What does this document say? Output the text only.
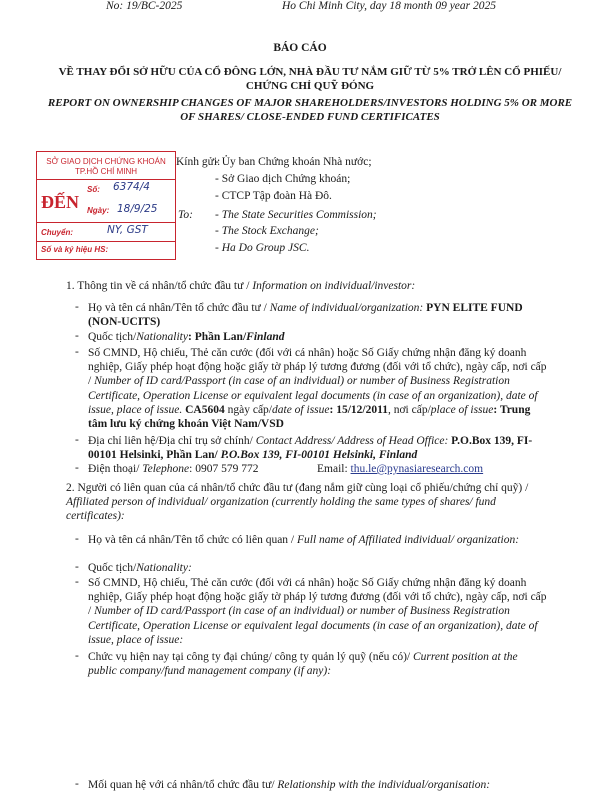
No: 19/BC-2025	Ho Chi Minh City, day 18 month 09 year 2025
BÁO CÁO
VỀ THAY ĐỔI SỞ HỮU CỦA CỔ ĐÔNG LỚN, NHÀ ĐẦU TƯ NẮM GIỮ TỪ 5% TRỞ LÊN CỔ PHIẾU/ CHỨNG CHỈ QUỸ ĐÓNG
REPORT ON OWNERSHIP CHANGES OF MAJOR SHAREHOLDERS/INVESTORS HOLDING 5% OR MORE OF SHARES/ CLOSE-ENDED FUND CERTIFICATES
SỞ GIAO DỊCH CHỨNG KHOÁN
TP.HỒ CHÍ MINH
ĐẾN
Số: 6374/4
Ngày: 18/9/25
Chuyển:	NY, GST
Số và ký hiệu HS:
Kính gửi:
- Ủy ban Chứng khoán Nhà nước;
- Sở Giao dịch Chứng khoán;
- CTCP Tập đoàn Hà Đô.
To: - The State Securities Commission;
- The Stock Exchange;
- Ha Do Group JSC.
1. Thông tin về cá nhân/tổ chức đầu tư / Information on individual/investor:
- Họ và tên cá nhân/Tên tổ chức đầu tư / Name of individual/organization: PYN ELITE FUND (NON-UCITS)
- Quốc tịch/Nationality: Phần Lan/Finland
- Số CMND, Hộ chiếu, Thẻ căn cước (đối với cá nhân) hoặc Số Giấy chứng nhận đăng ký doanh nghiệp, Giấy phép hoạt động hoặc giấy tờ pháp lý tương đương (đối với tổ chức), ngày cấp, nơi cấp / Number of ID card/Passport (in case of an individual) or number of Business Registration Certificate, Operation License or equivalent legal documents (in case of an organization), date of issue, place of issue. CA5604 ngày cấp/date of issue: 15/12/2011, nơi cấp/place of issue: Trung tâm lưu ký chứng khoán Việt Nam/VSD
- Địa chỉ liên hệ/Địa chỉ trụ sở chính/ Contact Address/ Address of Head Office: P.O.Box 139, FI-00101 Helsinki, Phần Lan/ P.O.Box 139, FI-00101 Helsinki, Finland
- Điện thoại/ Telephone: 0907 579 772	Email: thu.le@pynasiaresearch.com
2. Người có liên quan của cá nhân/tổ chức đầu tư (đang nắm giữ cùng loại cổ phiếu/chứng chỉ quỹ) / Affiliated person of individual/ organization (currently holding the same types of shares/ fund certificates):
- Họ và tên cá nhân/Tên tổ chức có liên quan / Full name of Affiliated individual/ organization:
- Quốc tịch/Nationality:
- Số CMND, Hộ chiếu, Thẻ căn cước (đối với cá nhân) hoặc Số Giấy chứng nhận đăng ký doanh nghiệp, Giấy phép hoạt động hoặc giấy tờ pháp lý tương đương (đối với tổ chức), ngày cấp, nơi cấp / Number of ID card/Passport (in case of an individual) or number of Business Registration Certificate, Operation License or equivalent legal documents (in case of an organization), date of issue, place of issue:
- Chức vụ hiện nay tại công ty đại chúng/ công ty quản lý quỹ (nếu có)/ Current position at the public company/fund management company (if any):
- Mối quan hệ với cá nhân/tổ chức đầu tư/ Relationship with the individual/organisation:
